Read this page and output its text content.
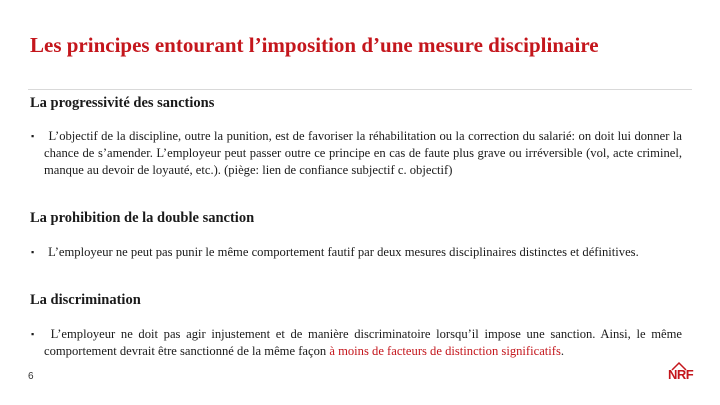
Les principes entourant l’imposition d’une mesure disciplinaire
La progressivité des sanctions

▪ L’objectif de la discipline, outre la punition, est de favoriser la réhabilitation ou la correction du salarié: on doit lui donner la chance de s’amender. L’employeur peut passer outre ce principe en cas de faute plus grave ou irréversible (vol, acte criminel, manque au devoir de loyauté, etc.). (piège: lien de confiance subjectif c. objectif)

La prohibition de la double sanction

▪ L’employeur ne peut pas punir le même comportement fautif par deux mesures disciplinaires distinctes et définitives.

La discrimination

▪ L’employeur ne doit pas agir injustement et de manière discriminatoire lorsqu’il impose une sanction. Ainsi, le même comportement devrait être sanctionné de la même façon à moins de facteurs de distinction significatifs.

6	NRF
